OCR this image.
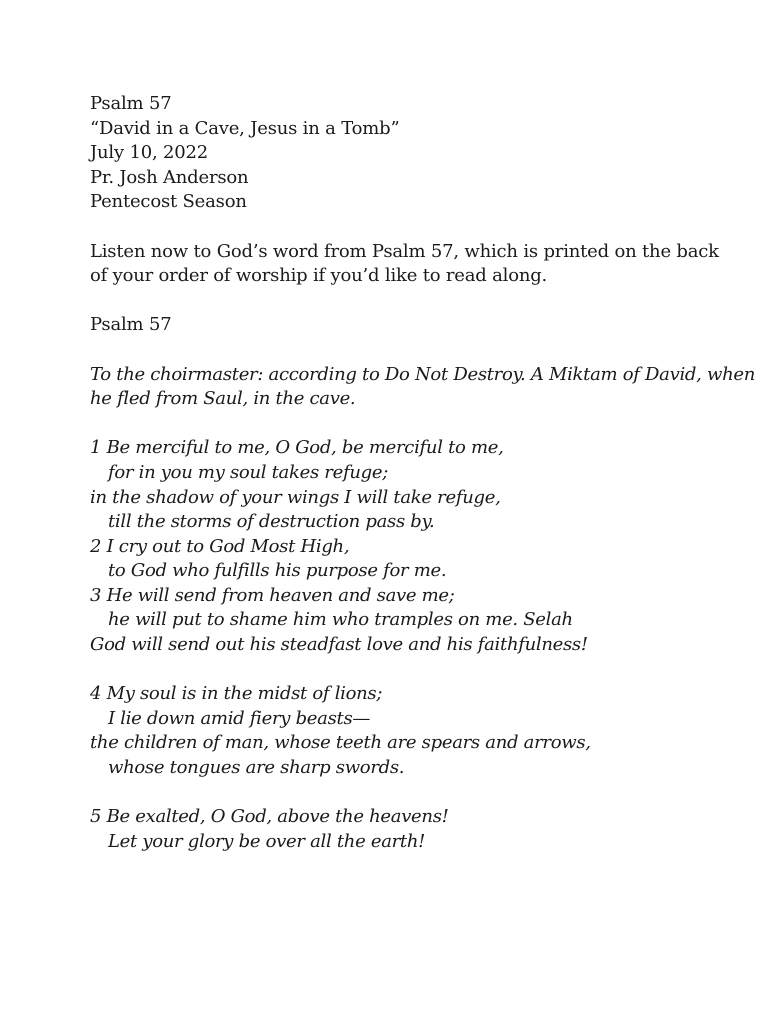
Psalm 57
“David in a Cave, Jesus in a Tomb”
July 10, 2022
Pr. Josh Anderson
Pentecost Season
Listen now to God’s word from Psalm 57, which is printed on the back
of your order of worship if you’d like to read along.
Psalm 57
To the choirmaster: according to Do Not Destroy. A Miktam of David, when
he fled from Saul, in the cave.
1 Be merciful to me, O God, be merciful to me,
for in you my soul takes refuge;
in the shadow of your wings I will take refuge,
till the storms of destruction pass by.
2 I cry out to God Most High,
to God who fulfills his purpose for me.
3 He will send from heaven and save me;
he will put to shame him who tramples on me. Selah
God will send out his steadfast love and his faithfulness!
4 My soul is in the midst of lions;
I lie down amid fiery beasts—
the children of man, whose teeth are spears and arrows,
whose tongues are sharp swords.
5 Be exalted, O God, above the heavens!
Let your glory be over all the earth!
